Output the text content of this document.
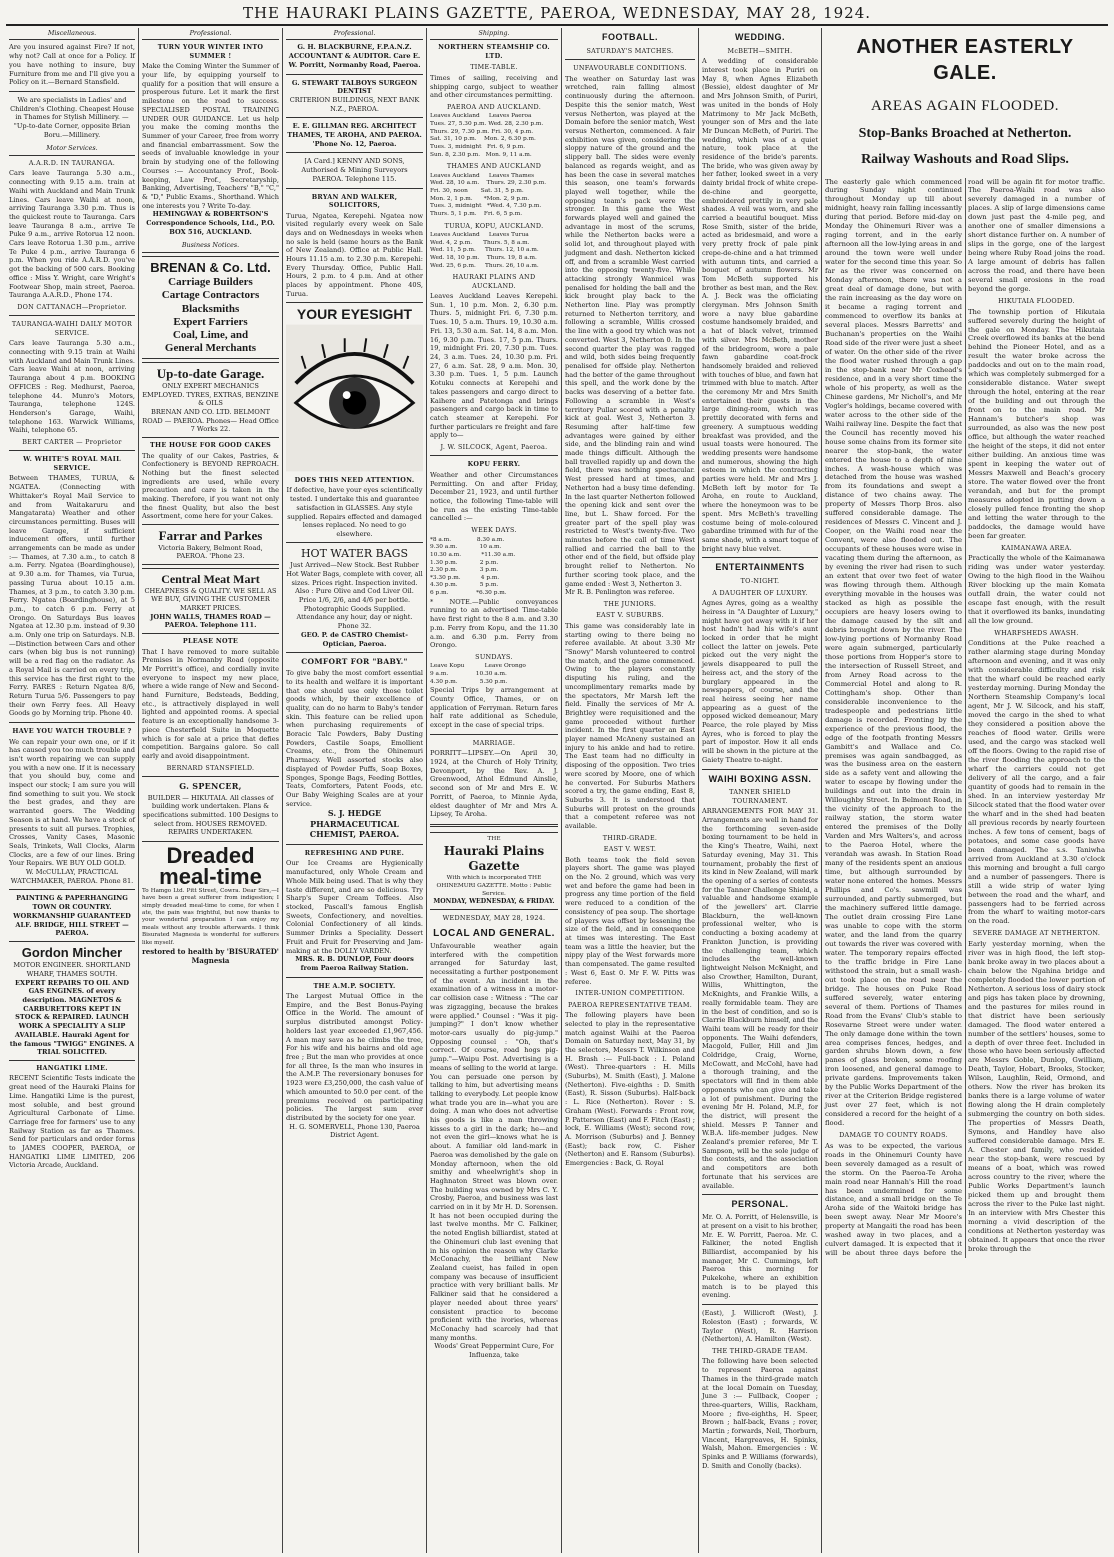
THE HAURAKI PLAINS GAZETTE, PAEROA, WEDNESDAY, MAY 28, 1924.
Miscellaneous.

Are you insured against Fire? If not, why not? Call at once for a Policy. If you have nothing to insure, buy Furniture from me and I'll give you a Policy on it.—Bernard Stansfield.

We are specialists in Ladies' and Children's Clothing. Cheapest House in Thames for Stylish Millinery. — "Up-to-date Corner, opposite Brian Boru.—Millinery.

Motor Services.
A.A.R.D. IN TAURANGA.

Cars leave Tauranga 5.30 a.m., connecting with 9.15 a.m. train at Waihi with Auckland and Main Trunk Lines. Cars leave Waihi at noon, arriving Tauranga 3.30 p.m. Thus is the quickest route to Tauranga. Cars leave Tauranga 8 a.m., arrive Te Puke 9 a.m., arrive Rotorua 12 noon. Cars leave Rotorua 1.30 p.m., arrive Te Puke 4 p.m., arrive Tauranga 6 p.m. When you ride A.A.R.D. you've got the backing of 500 cars. Booking office : Miss Y. Wright, care Wright's Footwear Shop, main street, Paeroa. Tauranga A.A.R.D., Phone 174.

DON CATTANACH—Proprietor.
TAURANGA-WAIHI DAILY MOTOR SERVICE.

Cars leave Tauranga 5.30 a.m., connecting with 9.15 train at Waihi with Auckland and Main Trunk Lines. Cars leave Waihi at noon, arriving Tauranga about 4 p.m. BOOKING OFFICES : Reg. Medhurst, Paeroa, telephone 44. Munro's Motors, Tauranga, telephone 124S. Henderson's Garage, Waihi, telephone 163. Warwick Williams, Waihi, telephone 65.

BERT CARTER — Proprietor
W. WHITE'S ROYAL MAIL SERVICE.

Between THAMES, TURUA, & NGATEA. (Connecting with Whittaker's Royal Mail Service to and from Waitakaruru and Mangatarata) Weather and other circumstances permitting. Buses will leave Garage, if sufficient inducement offers, until further arrangements can be made as under :— Thames, at 7.30 a.m., to catch 8 a.m. Ferry. Ngatea (Boardinghouse), at 9.30 a.m. for Thames, via Turua, passing Turua about 10.15 a.m. Thames, at 3 p.m., to catch 3.30 p.m. Ferry. Ngatea (Boardinghouse), at 5 p.m., to catch 6 p.m. Ferry at Orongo. On Saturdays Bus leaves Ngatea at 12.30 p.m. instead of 9.30 a.m. Only one trip on Saturdays. N.B.—Distinction between Cars and other cars (when big bus is not running) will be a red flag on the radiator. As a Royal Mail is carried on every trip, this service has the first right to the Ferry. FARES : Return Ngatea 8/6, Return Turua 5/6. Passengers to pay their own Ferry fees. All Heavy Goods go by Morning trip. Phone 40.

HAVE YOU WATCH TROUBLE ?

We can repair your own one, or if it has caused you too much trouble and isn't worth repairing we can supply you with a new one. If it is necessary that you should buy, come and inspect our stock; I am sure you will find something to suit you. We stock the best grades, and they are warranted goers. The Wedding Season is at hand. We have a stock of presents to suit all purses. Trophies, Crosses, Vanity Cases, Masonic Seals, Trinkets, Wall Clocks, Alarm Clocks, are a few of our lines. Bring Your Repairs. WE BUY OLD GOLD.

W. McCULLAY, PRACTICAL WATCHMAKER, PAEROA. Phone 81.

PAINTING & PAPERHANGING TOWN OR COUNTRY. WORKMANSHIP GUARANTEED

ALF. BRIDGE, HILL STREET — PAEROA.

Gordon Mincher

MOTOR ENGINEER. SHORTLAND WHARF, THAMES SOUTH.

EXPERT REPAIRS TO OIL AND GAS ENGINES. of every description. MAGNETOS & CARBURETTORS KEPT IN STOCK & REPAIRED. LAUNCH WORK A SPECIALITY A SLIP AVAILABLE. Hauraki Agent for the famous "TWIGG" ENGINES. A TRIAL SOLICITED.

HANGATIKI LIME.

RECENT Scientific Tests indicate the great need of the Hauraki Plains for Lime. Hangatiki Lime is the purest, most soluble, and best ground Agricultural Carbonate of Lime. Carriage free for farmers' use to any Railway Station as far as Thames. Send for particulars and order forms to JAMES COOPER, PAEROA, or HANGATIKI LIME LIMITED, 206 Victoria Arcade, Auckland.

Professional.
TURN YOUR WINTER INTO SUMMER !

Make the Coming Winter the Summer of your life, by equipping yourself to qualify for a position that will ensure a prosperous future. Let it mark the first milestone on the road to success. SPECIALISED POSTAL TRAINING UNDER OUR GUIDANCE. Let us help you make the coming months the Summer of your Career, free from worry and financial embarrassment. Sow the seeds of invaluable knowledge in your brain by studying one of the following Courses :— Accountancy Prof., Book-keeping, Law Prof., Secretaryship, Banking, Advertising, Teachers' "B," "C," & "D," Public Exams., Shorthand. Which one interests you ? Write To-day.

HEMINGWAY & ROBERTSON'S Correspondence Schools, Ltd., P.O. BOX 516, AUCKLAND.

Business Notices.
BRENAN & Co. Ltd.
Carriage Builders
Cartage Contractors
Blacksmiths
Expert Farriers
Coal, Lime, and
General Merchants
Up-to-date Garage.

ONLY EXPERT MECHANICS EMPLOYED. TYRES, EXTRAS, BENZINE & OILS

BRENAN AND CO. LTD. BELMONT ROAD — PAEROA. Phones— Head Office 7 Works 22.

THE HOUSE FOR GOOD CAKES

The quality of our Cakes, Pastries, & Confectionery is BEYOND REPROACH. Nothing but the finest selected ingredients are used, while every precaution and care is taken in the making. Therefore, if you want not only the finest Quality, but also the best Assortment, come here for your Cakes.

Farrar and Parkes

Victoria Bakery, Belmont Road, PAEROA. 'Phone 23.

Central Meat Mart

CHEAPNESS & QUALITY. WE SELL AS WE BUY, GIVING THE CUSTOMER MARKET PRICES.

JOHN WALLS, THAMES ROAD — PAEROA. Telephone 111.

PLEASE NOTE

That I have removed to more suitable Premises in Normanby Road (opposite Mr Porritt's office), and cordially invite everyone to inspect my new place, where a wide range of New and Second-hand Furniture, Bedsteads, Bedding, etc., is attractively displayed in well lighted and appointed rooms. A special feature is an exceptionally handsome 3-piece Chesterfield Suite in Moquette which is for sale at a price that defies competition. Bargains galore. So call early and avoid disappointment.

BERNARD STANSFIELD.
G. SPENCER,

BUILDER — HIKUTAIA. All classes of building work undertaken. Plans & specifications submitted. 100 Designs to select from. HOUSES REMOVED. REPAIRS UNDERTAKEN.

Dreaded meal-time

To Hamgo Ltd. Pitt Street, Cowra. Dear Sirs,—I have been a great sufferer from indigestion; I simply dreaded meal-time to come, for when I ate, the pain was frightful, but now thanks to your wonderful preparation I can enjoy my meals without any trouble afterwards. I think Bisurated Magnesia is wonderful for sufferers like myself.

restored to health by 'BISURATED' Magnesia

Professional.

G. H. BLACKBURNE, F.P.A.N.Z. ACCOUNTANT & AUDITOR. Care E. W. Porritt, Normanby Road, Paeroa.

G. STEWART TALBOYS SURGEON DENTIST

CRITERION BUILDINGS, NEXT BANK N.Z., PAEROA.

E. E. GILLMAN REG. ARCHITECT THAMES, TE AROHA, AND PAEROA. 'Phone No. 12, Paeroa.

[A Card.] KENNY AND SONS, Authorised & Mining Surveyors PAEROA. Telephone 115.

BRYAN AND WALKER, SOLICITORS,

Turua, Ngatea, Kerepehi. Ngatea now visited regularly every week on Sale days and on Wednesdays in weeks when no sale is held (same hours as the Bank of New Zealand). Office at Public Hall. Hours 11.15 a.m. to 2.30 p.m. Kerepehi: Every Thursday. Office, Public Hall. Hours, 2 p.m. to 4 p.m. And at other places by appointment. Phone 40S, Turua.

YOUR EYESIGHT
DOES THIS NEED ATTENTION.

If defective, have your eyes scientifically tested. I undertake this and guarantee satisfaction in GLASSES. Any style supplied. Repairs effected and damaged lenses replaced. No need to go elsewhere.

HOT WATER BAGS

Just Arrived—New Stock. Best Rubber Hot Water Bags, complete with cover, all sizes. Prices right. Inspection invited. Also : Pure Olive and Cod Liver Oil. Price 1/6, 2/6, and 4/6 per bottle. Photographic Goods Supplied. Attendance any hour, day or night. Phone 32.

GEO. P. de CASTRO Chemist-Optician, Paeroa.

COMFORT FOR "BABY."

To give baby the most comfort essential to its health and welfare it is important that one should use only those toilet goods which, by their excellence of quality, can do no harm to Baby's tender skin. This feature can be relied upon when purchasing requirements of Boracic Talc Powders, Baby Dusting Powders, Castile Soaps, Emollient Creams, etc., from the Ohinemuri Pharmacy. Well assorted stocks also displayed of Powder Puffs, Soap Boxes, Sponges, Sponge Bags, Feeding Bottles, Teats, Comforters, Patent Foods, etc. Our Baby Weighing Scales are at your service.

S. J. HEDGE PHARMACEUTICAL CHEMIST, PAEROA.

REFRESHING AND PURE.

Our Ice Creams are Hygienically manufactured, only Whole Cream and Whole Milk being used. That is why they taste different, and are so delicious. Try Sharp's Super Cream Toffees. Also stocked, Pascall's famous English Sweets, Confectionery, and novelties. Colonial Confectionery of all kinds. Summer Drinks a Speciality. Dessert Fruit and Fruit for Preserving and Jam-making at the DOLLY VARDEN.

MRS. R. B. DUNLOP, Four doors from Paeroa Railway Station.

THE A.M.P. SOCIETY.

The Largest Mutual Office in the Empire, and the Best Bonus-Paying Office in the World. The amount of surplus distributed amongst Policy-holders last year exceeded £1,967,456. A man may save as he climbs the tree, For his wife and his bairns and old age free ; But the man who provides at once for all three, Is the man who insures in the A.M.P. The reversionary bonuses for 1923 were £3,250,000, the cash value of which amounted to 50.0 per cent. of the premiums received on participating policies. The largest sum ever distributed by the society for one year.

H. G. SOMERVELL, Phone 130, Paeroa District Agent.

Shipping.
NORTHERN STEAMSHIP CO. LTD.
TIME-TABLE.

Times of sailing, receiving and shipping cargo, subject to weather and other circumstances permitting.

PAEROA AND AUCKLAND.

Leaves Auckland     Leaves Paeroa
Tues. 27, 5.30 p.m. Wed. 28, 2.30 p.m.
Thurs. 29, 7.30 p.m. Fri. 30, 4 p.m.
Sat. 31, 10 p.m.    Mon. 2, 6.30 p.m.
Tues. 3, midnight   Fri. 6, 9 p.m.
Sun. 8, 2.30 p.m.   Mon. 9, 11 a.m.

THAMES AND AUCKLAND

Leaves Auckland     Leaves Thames
Wed. 28, 10 a.m.    Thurs. 29, 2.30 p.m.
Fri. 30, noon       Sat. 31, 5 p.m.
Mon. 2, 1 p.m.      *Mon. 2, 9 p.m.
Tues. 3, midnight   *Wed. 4, 7.30 p.m.
Thurs. 5, 1 p.m.    Fri. 6, 5 p.m.

TURUA, KOPU, AUCKLAND.

Leaves Auckland     Leaves Turua
Wed. 4, 2 p.m.      Thurs. 5, 8 a.m.
Wed. 11, 5 p.m.     Thurs. 12, 10 a.m.
Wed. 18, 10 p.m.    Thurs. 19, 8 a.m.
Wed. 25, 6 p.m.     Thurs. 26, 10 a.m.

HAURAKI PLAINS AND AUCKLAND.

Leaves Auckland Leaves Kerepehi. Sun. 1, 10 p.m. Mon. 2, 6.30 p.m. Thurs. 5, midnight Fri. 6, 7.30 p.m. Tues. 10, 5 a.m. Thurs. 19, 10.30 a.m. Fri. 13, 5.30 a.m. Sat. 14, 8 a.m. Mon. 16, 9.30 p.m. Tues. 17, 5 p.m. Thurs. 19, midnight Fri. 20, 7.30 p.m. Tues. 24, 3 a.m. Tues. 24, 10.30 p.m. Fri. 27, 6 a.m. Sat. 28, 9 a.m. Mon. 30, 3.30 p.m. Tues. 1, 5 p.m. Launch Kotuku connects at Kerepehi and takes passengers and cargo direct to Kaihere and Patetonga and brings passengers and cargo back in time to catch steamer at Kerepehi. For further particulars re freight and fare apply to—

J. W. SILCOCK, Agent, Paeroa.
KOPU FERRY.

Weather and other Circumstances Permitting. On and after Friday, December 21, 1923, and until further notice, the following Time-table will be run as the existing Time-table cancelled :—

WEEK DAYS.

*8 a.m.              8.30 a.m.
9.30 a.m.            10 a.m.
10.30 a.m.           *11.30 a.m.
1.30 p.m.            2 p.m.
2.30 p.m.            3 p.m.
*3.30 p.m.           4 p.m.
4.30 p.m.            5 p.m.
6 p.m.               *6.30 p.m.

* NOTE.—Public conveyances running to an advertised Time-table have first right to the 8 a.m. and 3.30 p.m. Ferry from Kopu, and the 11.30 a.m. and 6.30 p.m. Ferry from Orongo.

SUNDAYS.

Leave Kopu           Leave Orongo
9 a.m.               10.30 a.m.
4.30 p.m.            5.30 p.m.

Special Trips by arrangement at County Office, Thames, or on application of Ferryman. Return fares half rate additional as Schedule, except in the case of special trips.

MARRIAGE.

PORRITT—LIPSEY.—On April 30, 1924, at the Church of Holy Trinity, Devonport, by the Rev. A. J. Greenwood, Athol Edmund Ainslie, second son of Mr and Mrs E. W. Porritt, of Paeroa, to Minnie Ayda, eldest daughter of Mr and Mrs A. Lipsey, Te Aroha.

THE

Hauraki Plains Gazette

With which is incorporated THE OHINEMURI GAZETTE. Motto : Public Service.

MONDAY, WEDNESDAY, & FRIDAY.

WEDNESDAY, MAY 28, 1924.
LOCAL AND GENERAL.

Unfavourable weather again interfered with the competition arranged for Saturday last, necessitating a further postponement of the event. An incident in the examination of a witness in a motor-car collision case : Witness : "The car was zigzagging, because the brakes were applied." Counsel : "Was it pig-jumping?" I don't know whether motor-cars usually do pig-jump." Opposing counsel : "Oh, that's correct. Of course, road hogs pig-jump."—Waipu Post. Advertising is a means of selling to the world at large. You can persuade one person by talking to him, but advertising means talking to everybody. Let people know what trade you are in—what you are doing. A man who does not advertise his goods is like a man throwing kisses to a girl in the dark; he—and not even the girl—knows what he is about. A familiar old land-mark in Paeroa was demolished by the gale on Monday afternoon, when the old smithy and wheelwright's shop in Haghnaton Street was blown over. The building was owned by Mrs C. Y. Crosby, Paeroa, and business was last carried on in it by Mr H. D. Sorensen. It has not been occupied during the last twelve months. Mr C. Falkiner, the noted English billiardist, stated at the Ohinemuri club last evening that in his opinion the reason why Clarke McConachy, the brilliant New Zealand cueist, has failed in open company was because of insufficient practice with very brilliant balls. Mr Falkiner said that he considered a player needed about three years' consistent practice to become proficient with the ivories, whereas McConachy had scarcely had that many months.

Woods' Great Peppermint Cure, For Influenza, take

FOOTBALL.
SATURDAY'S MATCHES.
UNFAVOURABLE CONDITIONS.

The weather on Saturday last was wretched, rain falling almost continuously during the afternoon. Despite this the senior match, West versus Netherton, was played at the Domain before the senior match, West versus Netherton, commenced. A fair exhibition was given, considering the sloppy nature of the ground and the slippery ball. The sides were evenly balanced as regards weight, and as has been the case in several matches this season, one team's forwards played well together, while the opposing team's pack were the stronger. In this game the West forwards played well and gained the advantage in most of the scrums, while the Netherton backs were a solid lot, and throughout played with judgment and dash. Netherton kicked off, and from a scramble West carried into the opposing twenty-five. While attacking strongly Wanmicel was penalised for holding the ball and the kick brought play back to the Netherton line. Play was promptly returned to Netherton territory, and following a scramble, Willis crossed the line with a good try which was not converted. West 3, Netherton 0. In the second quarter the play was ragged and wild, both sides being frequently penalised for offside play. Netherton had the better of the game throughout this spell, and the work done by the backs was deserving of a better fate. Following a scramble in West's territory Pullar scored with a penalty kick at goal. West 3, Netherton 3. Resuming after half-time few advantages were gained by either side, and the blinding rain and wind made things difficult. Although the ball travelled rapidly up and down the field, there was nothing spectacular. West pressed hard at times, and Netherton had a busy time defending. In the last quarter Netherton followed the opening kick and sent over the line, but L. Shaw forced. For the greater part of the spell play was restricted to West's twenty-five. Two minutes before the call of time West rallied and carried the ball to the other end of the field, but offside play brought relief to Netherton. No further scoring took place, and the game ended : West 3, Netherton 3.

Mr R. B. Penlington was referee.

THE JUNIORS.
EAST V. SUBURBS.

This game was considerably late in starting owing to there being no referee available. At about 3.30 Mr "Snowy" Marsh volunteered to control the match, and the game commenced. Owing to the players constantly disputing his ruling, and the uncomplimentary remarks made by the spectators, Mr Marsh left the field. Finally the services of Mr A. Brightley were requisitioned and the game proceeded without further incident. In the first quarter an East player named McAneny sustained an injury to his ankle and had to retire. The East team had no difficulty in disposing of the opposition. Two tries were scored by Moore, one of which he converted. For Suburbs Mathers scored a try, the game ending, East 8, Suburbs 3. It is understood that Suburbs will protest on the grounds that a competent referee was not available.

THIRD-GRADE.
EAST V. WEST.

Both teams took the field seven players short. The game was played on the No. 2 ground, which was very wet and before the game had been in progress any time portion of the field were reduced to a condition of the consistency of pea soup. The shortage of players was offset by lessening the size of the field, and in consequence at times was interesting. The East team was a little the heavier, but the nippy play of the West forwards more than compensated. The game resulted : West 6, East 0. Mr F. W. Pitts was referee.

INTER-UNION COMPETITION.
PAEROA REPRESENTATIVE TEAM.

The following players have been selected to play in the representative match against Waihi at the Paeroa Domain on Saturday next, May 31, by the selectors, Messrs T. Wilkinson and H. Brash :— Full-back : I. Poland (West). Three-quarters : H. Mills (Suburbs), M. Smith (East), J. Malone (Netherton). Five-eighths : D. Smith (East), R. Sisson (Suburbs). Half-back : L. Rice (Netherton). Rover : S. Graham (West). Forwards : Front row, P. Patterson (East) and F. Fitch (East) ; lock, E. Williams (West); second row, A. Morrison (Suburbs) and J. Benney (East); back row, C. Fisher (Netherton) and E. Ransom (Suburbs). Emergencies : Back, G. Royal

WEDDING.
McBETH—SMITH.

A wedding of considerable interest took place in Puriri on May 8, when Agnes Elizabeth (Bessie), eldest daughter of Mr and Mrs Johnson Smith, of Puriri, was united in the bonds of Holy Matrimony to Mr Jack McBeth, younger son of Mrs and the late Mr Duncan McBeth, of Puriri. The wedding, which was of a quiet nature, took place at the residence of the bride's parents. The bride, who was given away by her father, looked sweet in a very dainty bridal frock of white crepe-de-chine and georgette, embroidered prettily in very pale shades. A veil was worn, and she carried a beautiful bouquet. Miss Rose Smith, sister of the bride, acted as bridesmaid, and wore a very pretty frock of pale pink crepe-de-chine and a hat trimmed with autumn tints, and carried a bouquet of autumn flowers. Mr Tom McBeth supported his brother as best man, and the Rev. A. J. Beck was the officiating clergyman. Mrs Johnson Smith wore a navy blue gabardine costume handsomely braided, and a hat of black velvet, trimmed with silver. Mrs McBeth, mother of the bridegroom, wore a pale fawn gabardine coat-frock handsomely braided and relieved with touches of blue, and fawn hat trimmed with blue to match. After the ceremony Mr and Mrs Smith entertained their guests in the large dining-room, which was prettily decorated with ferns and greenery. A sumptuous wedding breakfast was provided, and the usual toasts were honoured. The wedding presents were handsome and numerous, showing the high esteem in which the contracting parties were held. Mr and Mrs J. McBeth left by motor for Te Aroha, en route to Auckland, where the honeymoon was to be spent. Mrs McBeth's travelling costume being of mole-coloured gabardine trimmed with fur of the same shade, with a smart toque of bright navy blue velvet.

ENTERTAINMENTS
TO-NIGHT.
A DAUGHTER OF LUXURY.

Agnes Ayres, going as a wealthy heiress in "A Daughter of Luxury," might have got away with it if her host hadn't had his wife's aunt locked in order that he might collect the latter on jewels. Pete picked out the very night the jewels disappeared to pull the heiress act, and the story of the burglary appeared in the newspapers, of course, and the real heiress seeing her name appearing as a guest of the opposed wicked demeanour, Mary Pearce, the role played by Miss Ayres, who is forced to play the part of impostor. How it all ends will be shown in the picture at the Gaiety Theatre to-night.

WAIHI BOXING ASSN.
TANNER SHIELD TOURNAMENT.

ARRANGEMENTS FOR MAY 31. Arrangements are well in hand for the forthcoming seven-aside boxing tournament to be held in the King's Theatre, Waihi, next Saturday evening, May 31. This tournament, probably the first of its kind in New Zealand, will mark the opening of a series of contests for the Tanner Challenge Shield, a valuable and handsome example of the jewellers' art. Clarrie Blackburn, the well-known professional welter, who is conducting a boxing academy at Frankton Junction, is providing the challenging team, which includes the well-known lightweight Nelson McKnight, and also Crowther, Hamilton, Durant, Willis, Whittington, the McKnights, and Frankie Wills, a really formidable team. They are in the best of condition, and so is Clarrie Blackburn himself, and the Waihi team will be ready for their opponents. The Waihi defenders, Macgold, Fuller, Hill and Jim Coldridge, Craig, Worne, McCowatt, and McCohl, have had a thorough training, and the spectators will find in them able opponents who can give and take a lot of punishment. During the evening Mr H. Poland, M.P., for the district, will present the shield. Messrs P. Tanner and W.B.A. life-member judges. New Zealand's premier referee, Mr T. Sampson, will be the sole judge of the contests, and the association and competitors are both fortunate that his services are available.

PERSONAL.

Mr. O. A. Porritt, of Helensville, is at present on a visit to his brother, Mr. E. W. Porritt, Paeroa. Mr. C. Falkiner, the noted English Billiardist, accompanied by his manager, Mr C. Cummings, left Paeroa this morning for Pukekohe, where an exhibition match is to be played this evening.

(East), J. Willicroft (West), J. Roleston (East) ; forwards, W. Taylor (West), R. Harrison (Netherton), A. Hamilton (West).

THE THIRD-GRADE TEAM.

The following have been selected to represent Paeroa against Thames in the third-grade match at the local Domain on Tuesday, June 3 :— Fullback, Cooper ; three-quarters, Willis, Rackham, Moore ; five-eighths, H. Speer, Brown ; half-back, Evans ; rover, Martin ; forwards, Neil, Thorburn, Vincent, Hargreaves, H. Spinks, Walsh, Mahon. Emergencies : W. Spinks and P. Williams (forwards), D. Smith and Conolly (backs).

ANOTHER EASTERLY GALE.
AREAS AGAIN FLOODED.
Stop-Banks Broached at Netherton.
Railway Washouts and Road Slips.

The easterly gale which commenced during Sunday night continued throughout Monday up till about midnight, heavy rain falling incessantly during that period. Before mid-day on Monday the Ohinemuri River was a raging torrent, and in the early afternoon all the low-lying areas in and around the town were well under water for the second time this year. So far as the river was concerned on Monday afternoon, there was not a great deal of damage done, but with the rain increasing as the day wore on it became a raging torrent and commenced to overflow its banks at several places. Messrs Barretts' and Buchanan's properties on the Waihi Road side of the river were just a sheet of water. On the other side of the river the flood water rushed through a gap in the stop-bank near Mr Coxhead's residence, and in a very short time the whole of his property, as well as the Chinese gardens, Mr Nicholl's, and Mr Vogler's holdings, became covered with water across to the other side of the Waihi railway line. Despite the fact that the Council has recently moved his house some chains from its former site nearer the stop-bank, the water entered the house to a depth of nine inches. A wash-house which was detached from the house was washed from its foundations and swept a distance of two chains away. The property of Messrs Thorp Bros. also suffered considerable damage. The residences of Messrs C. Vincent and J. Cooper, on the Waihi road near the Convent, were also flooded out. The occupants of these houses were wise in vacating them during the afternoon, as by evening the river had risen to such an extent that over two feet of water was flowing through them. Although everything movable in the houses was stacked as high as possible the occupiers are heavy losers owing to the damage caused by the silt and debris brought down by the river. The low-lying portions of Normanby Road were again submerged, particularly those portions from Hopper's store to the intersection of Russell Street, and from Arney Road across to the Commercial Hotel and along to R. Cottingham's shop. Other than considerable inconvenience to the tradespeople and pedestrians little damage is recorded. Fronting by the experience of the previous flood, the edge of the footpath fronting Messrs Gambitt's and Wallace and Co. premises was again sandbagged, as was the business area on the eastern side as a safety vent and allowing the water to escape by flowing under the buildings and out into the drain in Willoughby Street. In Belmont Road, in the vicinity of the approach to the railway station, the storm water entered the premises of the Dolly Varden and Mrs Walters's, and across to the Paeroa Hotel, where the verandah was awash. In Station Road many of the residents spent an anxious time, but although surrounded by water none entered the homes. Messrs Phillips and Co's. sawmill was surrounded, and partly submerged, but the machinery suffered little damage. The outlet drain crossing Fire Lane was unable to cope with the storm water, and the land from the quarry out towards the river was covered with water. The temporary repairs effected to the traffic bridge in Fire Lane withstood the strain, but a small wash-out took place on the road near the bridge. The houses on Puke Road suffered severely, water entering several of them. Portions of Thames Road from the Evans' Club's stable to Rosevarne Street were under water. The only damage done within the town area comprises fences, hedges, and garden shrubs blown down, a few panes of glass broken, some roofing iron loosened, and general damage to private gardens. Improvements taken by the Public Works Department of the river at the Criterion Bridge registered just over 27 feet, which is not considered a record for the height of a flood.

DAMAGE TO COUNTY ROADS.

As was to be expected, the various roads in the Ohinemuri County have been severely damaged as a result of the storm. On the Paeroa-Te Aroha main road near Hannah's Hill the road has been undermined for some distance, and a small bridge on the Te Aroha side of the Waitoki bridge has been swept away. Near Mr Moore's property at Mangaiti the road has been washed away in two places, and a culvert damaged. It is expected that it will be about three days before the road will be again fit for motor traffic. The Paeroa-Waihi road was also severely damaged in a number of places. A slip of large dimensions came down just past the 4-mile peg, and another one of smaller dimensions a short distance further on. A number of slips in the gorge, one of the largest being where Ruby Road joins the road. A large amount of debris has fallen across the road, and there have been several small erosions in the road beyond the gorge.

HIKUTAIA FLOODED.

The township portion of Hikutaia suffered severely during the height of the gale on Monday. The Hikutaia Creek overflowed its banks at the bend behind the Pioneer Hotel, and as a result the water broke across the paddocks and out on to the main road, which was completely submerged for a considerable distance. Water swept through the hotel, entering at the rear of the building and out through the front on to the main road. Mr Hannam's butcher's shop was surrounded, as also was the new post office, but although the water reached the height of the steps, it did not enter either building. An anxious time was spent in keeping the water out of Messrs Maxwell and Beach's grocery store. The water flowed over the front verandah, and but for the prompt measures adopted in putting down a closely pulled fence fronting the shop and letting the water through to the paddocks, the damage would have been far greater.

KAIMANAWA AREA.

Practically the whole of the Kaimanawa riding was under water yesterday. Owing to the high flood in the Waihou River blocking up the main Komata outfall drain, the water could not escape fast enough, with the result that it overflowed its banks, inundating all the low ground.

WHARFSHEDS AWASH.

Conditions at the Puke reached a rather alarming stage during Monday afternoon and evening, and it was only with considerable difficulty and risk that the wharf could be reached early yesterday morning. During Monday the Northern Steamship Company's local agent, Mr J. W. Silcock, and his staff, moved the cargo in the shed to what they considered a position above the reaches of flood water. Grills were used, and the cargo was stacked well off the floors. Owing to the rapid rise of the river flooding the approach to the wharf the carriers could not get delivery of all the cargo, and a fair quantity of goods had to remain in the shed. In an interview yesterday Mr Silcock stated that the flood water over the wharf and in the shed had beaten all previous records by nearly fourteen inches. A few tons of cement, bags of potatoes, and some case goods have been damaged. The s.s. Taniwha arrived from Auckland at 3.30 o'clock this morning and brought a full cargo and a number of passengers. There is still a wide strip of water lying between the road and the wharf, and passengers had to be ferried across from the wharf to waiting motor-cars on the road.

SEVERE DAMAGE AT NETHERTON.

Early yesterday morning, when the river was in high flood, the left stop-bank broke away in two places about a chain below the Ngahina bridge and completely flooded the lower portion of Netherton. A serious loss of dairy stock and pigs has taken place by drowning, and the pastures for miles round in that district have been seriously damaged. The flood water entered a number of the settlers' houses, some to a depth of over three feet. Included in those who have been seriously affected are Messrs Goble, Dunlop, Gwilliam, Death, Taylor, Hobart, Brooks, Stocker, Wilson, Laughlin, Reid, Ormond, and others. Now the river has broken its banks there is a large volume of water flowing along the H drain completely submerging the country on both sides. The properties of Messrs Death, Symons, and Handley have also suffered considerable damage. Mrs E. A. Chester and family, who resided near the stop-bank, were rescued by means of a boat, which was rowed across country to the river, where the Public Works Department's launch picked them up and brought them across the river to the Puke last night. In an interview with Mrs Chester this morning a vivid description of the conditions at Netherton yesterday was obtained. It appears that once the river broke through the
